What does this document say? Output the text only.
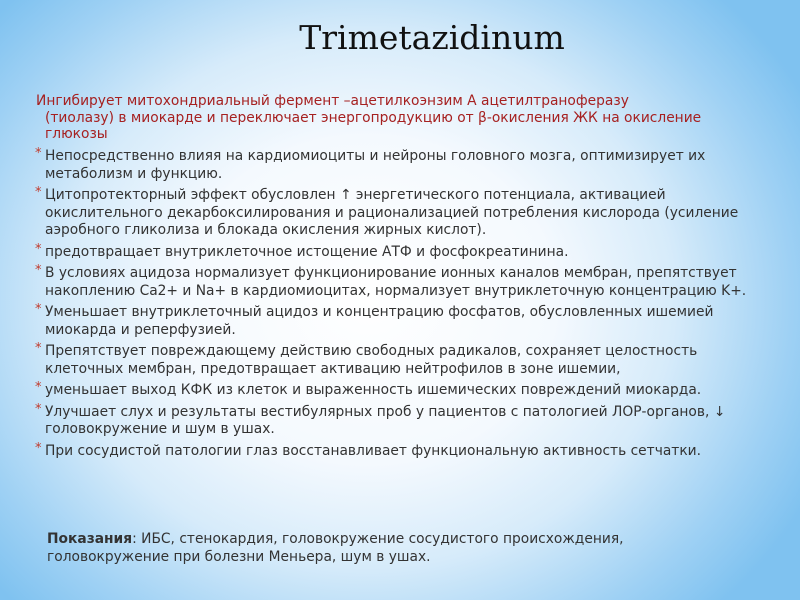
Trimetazidinum
Ингибирует митохондриальный фермент –ацетилкоэнзим А ацетилтранoферазу
(тиолазу) в миокарде и переключает энергопродукцию от β-окисления ЖК на окисление глюкозы
* Непосредственно влияя на кардиомиоциты и нейроны головного мозга, оптимизирует их метаболизм и функцию.
* Цитопротекторный эффект обусловлен ↑ энергетического потенциала, активацией окислительного декарбоксилирования и рационализацией потребления кислорода (усиление аэробного гликолиза и блокада окисления жирных кислот).
* предотвращает внутриклеточное истощение АТФ и фосфокреатинина.
* В условиях ацидоза нормализует функционирование ионных каналов мембран, препятствует накоплению Ca2+ и Na+ в кардиомиоцитах, нормализует внутриклеточную концентрацию K+.
* Уменьшает внутриклеточный ацидоз и концентрацию фосфатов, обусловленных ишемией миокарда и реперфузией.
* Препятствует повреждающему действию свободных радикалов, сохраняет целостность клеточных мембран, предотвращает активацию нейтрофилов в зоне ишемии,
* уменьшает выход КФК из клеток и выраженность ишемических повреждений миокарда.
* Улучшает слух и результаты вестибулярных проб у пациентов с патологией ЛОР-органов, ↓ головокружение и шум в ушах.
* При сосудистой патологии глаз восстанавливает функциональную активность сетчатки.
Показания: ИБС, стенокардия, головокружение сосудистого происхождения, головокружение при болезни Меньера, шум в ушах.
